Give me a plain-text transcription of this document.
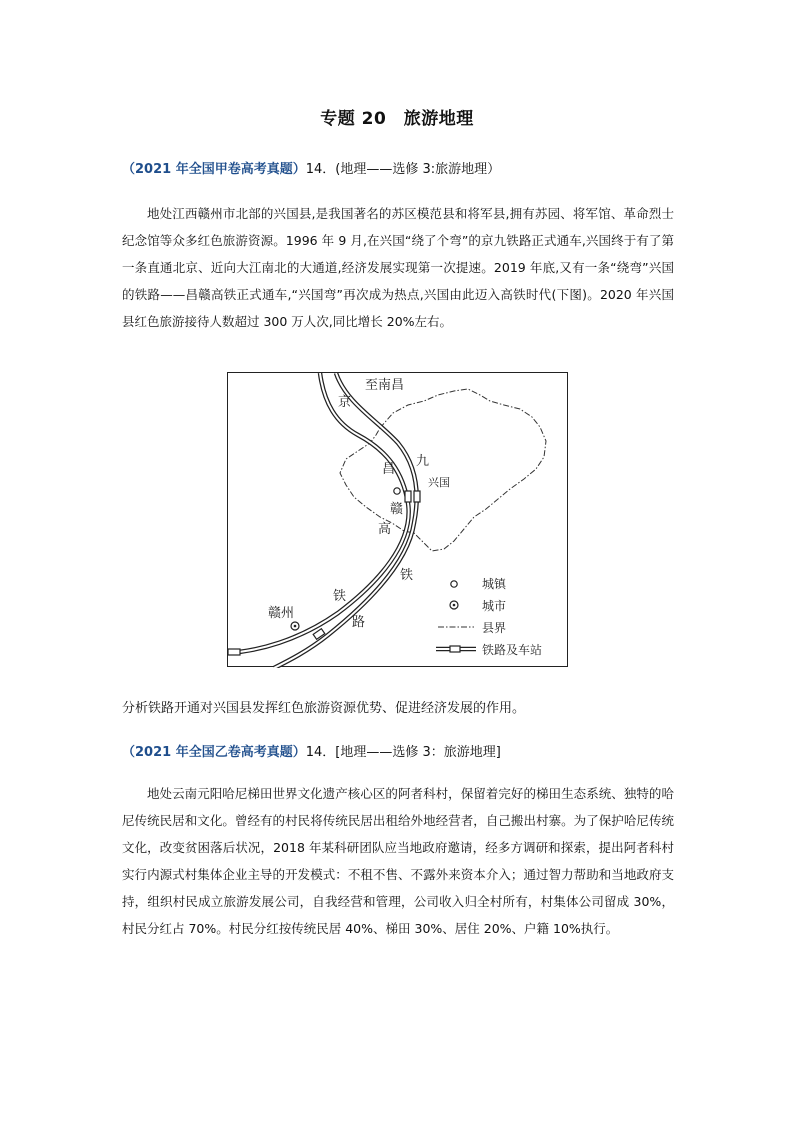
专题 20　旅游地理
（2021 年全国甲卷高考真题）14．(地理——选修 3:旅游地理）
地处江西赣州市北部的兴国县,是我国著名的苏区模范县和将军县,拥有苏园、将军馆、革命烈士纪念馆等众多红色旅游资源。1996 年 9 月,在兴国“绕了个弯”的京九铁路正式通车,兴国终于有了第一条直通北京、近向大江南北的大通道,经济发展实现第一次提速。2019 年底,又有一条“绕弯”兴国的铁路——昌赣高铁正式通车,“兴国弯”再次成为热点,兴国由此迈入高铁时代(下图)。2020 年兴国县红色旅游接待人数超过 300 万人次,同比增长 20%左右。
至南昌
京
九
昌
赣
高
铁
铁
路
兴国
赣州
城镇
城市
县界
铁路及车站
分析铁路开通对兴国县发挥红色旅游资源优势、促进经济发展的作用。
（2021 年全国乙卷高考真题）14．[地理——选修 3：旅游地理]
地处云南元阳哈尼梯田世界文化遗产核心区的阿者科村，保留着完好的梯田生态系统、独特的哈尼传统民居和文化。曾经有的村民将传统民居出租给外地经营者，自己搬出村寨。为了保护哈尼传统文化，改变贫困落后状况，2018 年某科研团队应当地政府邀请，经多方调研和探索，提出阿者科村实行内源式村集体企业主导的开发模式：不租不售、不露外来资本介入；通过智力帮助和当地政府支持，组织村民成立旅游发展公司，自我经营和管理，公司收入归全村所有，村集体公司留成 30%，村民分红占 70%。村民分红按传统民居 40%、梯田 30%、居住 20%、户籍 10%执行。
